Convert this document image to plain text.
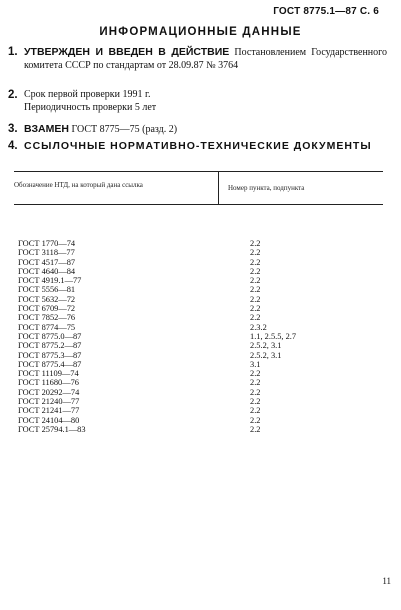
ГОСТ 8775.1—87 С. 6
ИНФОРМАЦИОННЫЕ ДАННЫЕ
1. УТВЕРЖДЕН И ВВЕДЕН В ДЕЙСТВИЕ Постановлением Государственного комитета СССР по стандартам от 28.09.87 № 3764
2. Срок первой проверки 1991 г.
Периодичность проверки 5 лет
3. ВЗАМЕН ГОСТ 8775—75 (разд. 2)
4. ССЫЛОЧНЫЕ НОРМАТИВНО-ТЕХНИЧЕСКИЕ ДОКУМЕНТЫ
Обозначение НТД, на который дана ссылка	Номер пункта, подпункта
ГОСТ 1770—74	2.2
ГОСТ 3118—77	2.2
ГОСТ 4517—87	2.2
ГОСТ 4640—84	2.2
ГОСТ 4919.1—77	2.2
ГОСТ 5556—81	2.2
ГОСТ 5632—72	2.2
ГОСТ 6709—72	2.2
ГОСТ 7852—76	2.2
ГОСТ 8774—75	2.3.2
ГОСТ 8775.0—87	1.1, 2.5.5, 2.7
ГОСТ 8775.2—87	2.5.2, 3.1
ГОСТ 8775.3—87	2.5.2, 3.1
ГОСТ 8775.4—87	3.1
ГОСТ 11109—74	2.2
ГОСТ 11680—76	2.2
ГОСТ 20292—74	2.2
ГОСТ 21240—77	2.2
ГОСТ 21241—77	2.2
ГОСТ 24104—80	2.2
ГОСТ 25794.1—83	2.2
11
